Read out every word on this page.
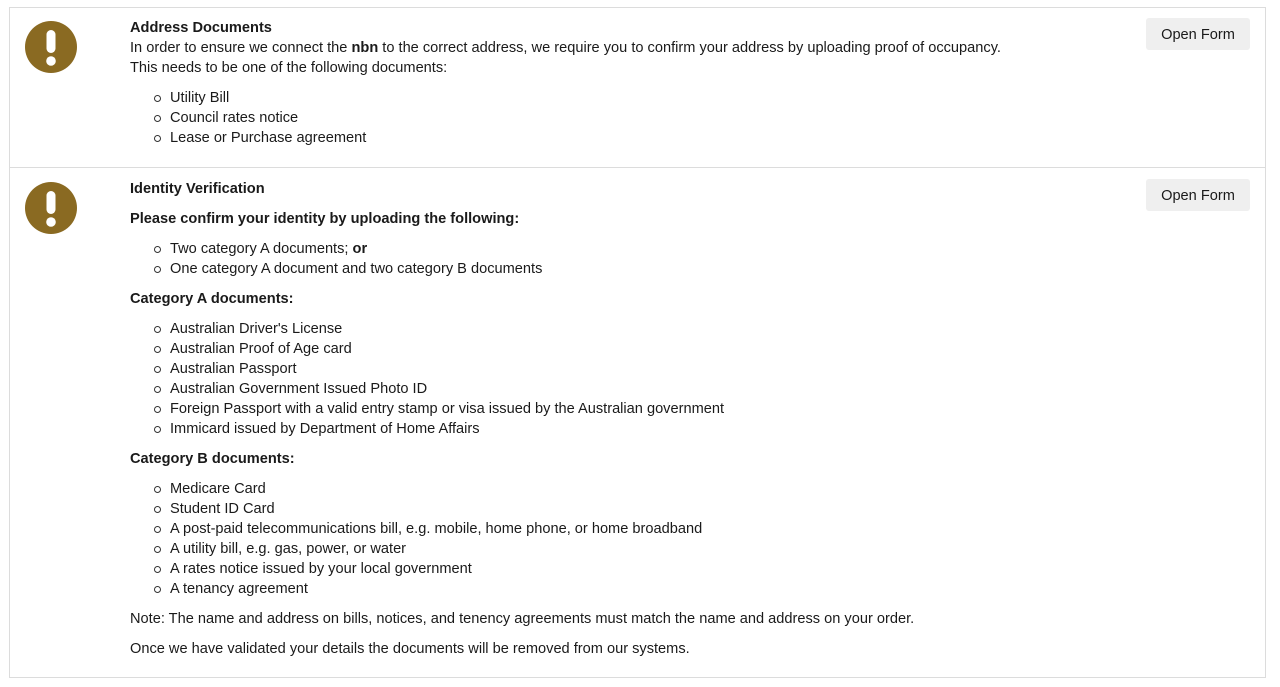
Address Documents

In order to ensure we connect the nbn to the correct address, we require you to confirm your address by uploading proof of occupancy. This needs to be one of the following documents:

Utility Bill
Council rates notice
Lease or Purchase agreement
Open Form

Identity Verification

Please confirm your identity by uploading the following:

Two category A documents; or
One category A document and two category B documents

Category A documents:

Australian Driver's License
Australian Proof of Age card
Australian Passport
Australian Government Issued Photo ID
Foreign Passport with a valid entry stamp or visa issued by the Australian government
Immicard issued by Department of Home Affairs

Category B documents:

Medicare Card
Student ID Card
A post-paid telecommunications bill, e.g. mobile, home phone, or home broadband
A utility bill, e.g. gas, power, or water
A rates notice issued by your local government
A tenancy agreement

Note: The name and address on bills, notices, and tenency agreements must match the name and address on your order.

Once we have validated your details the documents will be removed from our systems.

Open Form
